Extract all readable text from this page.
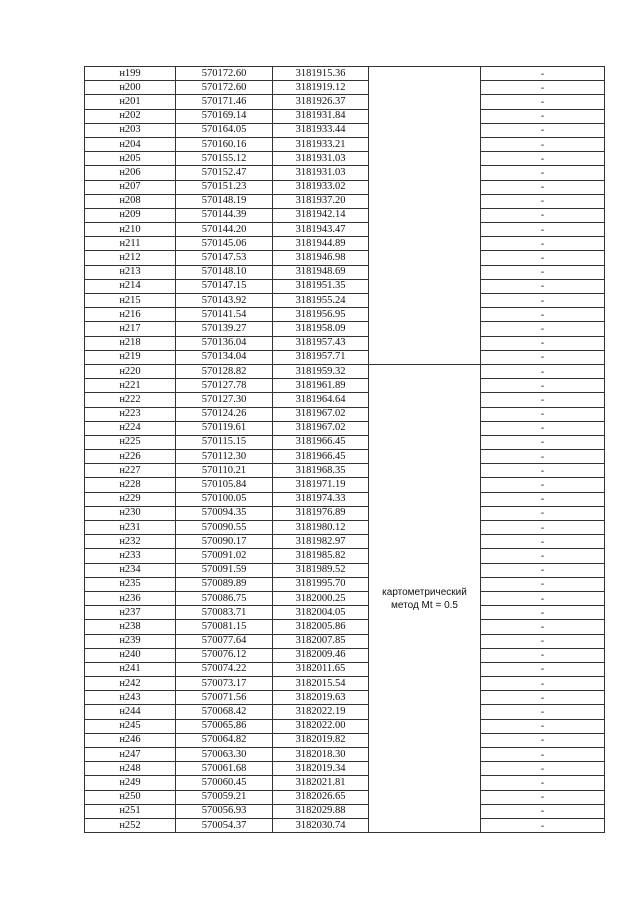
н199	570172.60	3181915.36		-
н200	570172.60	3181919.12		-
н201	570171.46	3181926.37		-
н202	570169.14	3181931.84		-
н203	570164.05	3181933.44		-
н204	570160.16	3181933.21		-
н205	570155.12	3181931.03		-
н206	570152.47	3181931.03		-
н207	570151.23	3181933.02		-
н208	570148.19	3181937.20		-
н209	570144.39	3181942.14		-
н210	570144.20	3181943.47		-
н211	570145.06	3181944.89		-
н212	570147.53	3181946.98		-
н213	570148.10	3181948.69		-
н214	570147.15	3181951.35		-
н215	570143.92	3181955.24		-
н216	570141.54	3181956.95		-
н217	570139.27	3181958.09		-
н218	570136.04	3181957.43		-
н219	570134.04	3181957.71		-
н220	570128.82	3181959.32	картометрический метод Mt = 0.5	-
н221	570127.78	3181961.89		-
н222	570127.30	3181964.64		-
н223	570124.26	3181967.02		-
н224	570119.61	3181967.02		-
н225	570115.15	3181966.45		-
н226	570112.30	3181966.45		-
н227	570110.21	3181968.35		-
н228	570105.84	3181971.19		-
н229	570100.05	3181974.33		-
н230	570094.35	3181976.89		-
н231	570090.55	3181980.12		-
н232	570090.17	3181982.97		-
н233	570091.02	3181985.82		-
н234	570091.59	3181989.52		-
н235	570089.89	3181995.70		-
н236	570086.75	3182000.25		-
н237	570083.71	3182004.05		-
н238	570081.15	3182005.86		-
н239	570077.64	3182007.85		-
н240	570076.12	3182009.46		-
н241	570074.22	3182011.65		-
н242	570073.17	3182015.54		-
н243	570071.56	3182019.63		-
н244	570068.42	3182022.19		-
н245	570065.86	3182022.00		-
н246	570064.82	3182019.82		-
н247	570063.30	3182018.30		-
н248	570061.68	3182019.34		-
н249	570060.45	3182021.81		-
н250	570059.21	3182026.65		-
н251	570056.93	3182029.88		-
н252	570054.37	3182030.74		-
